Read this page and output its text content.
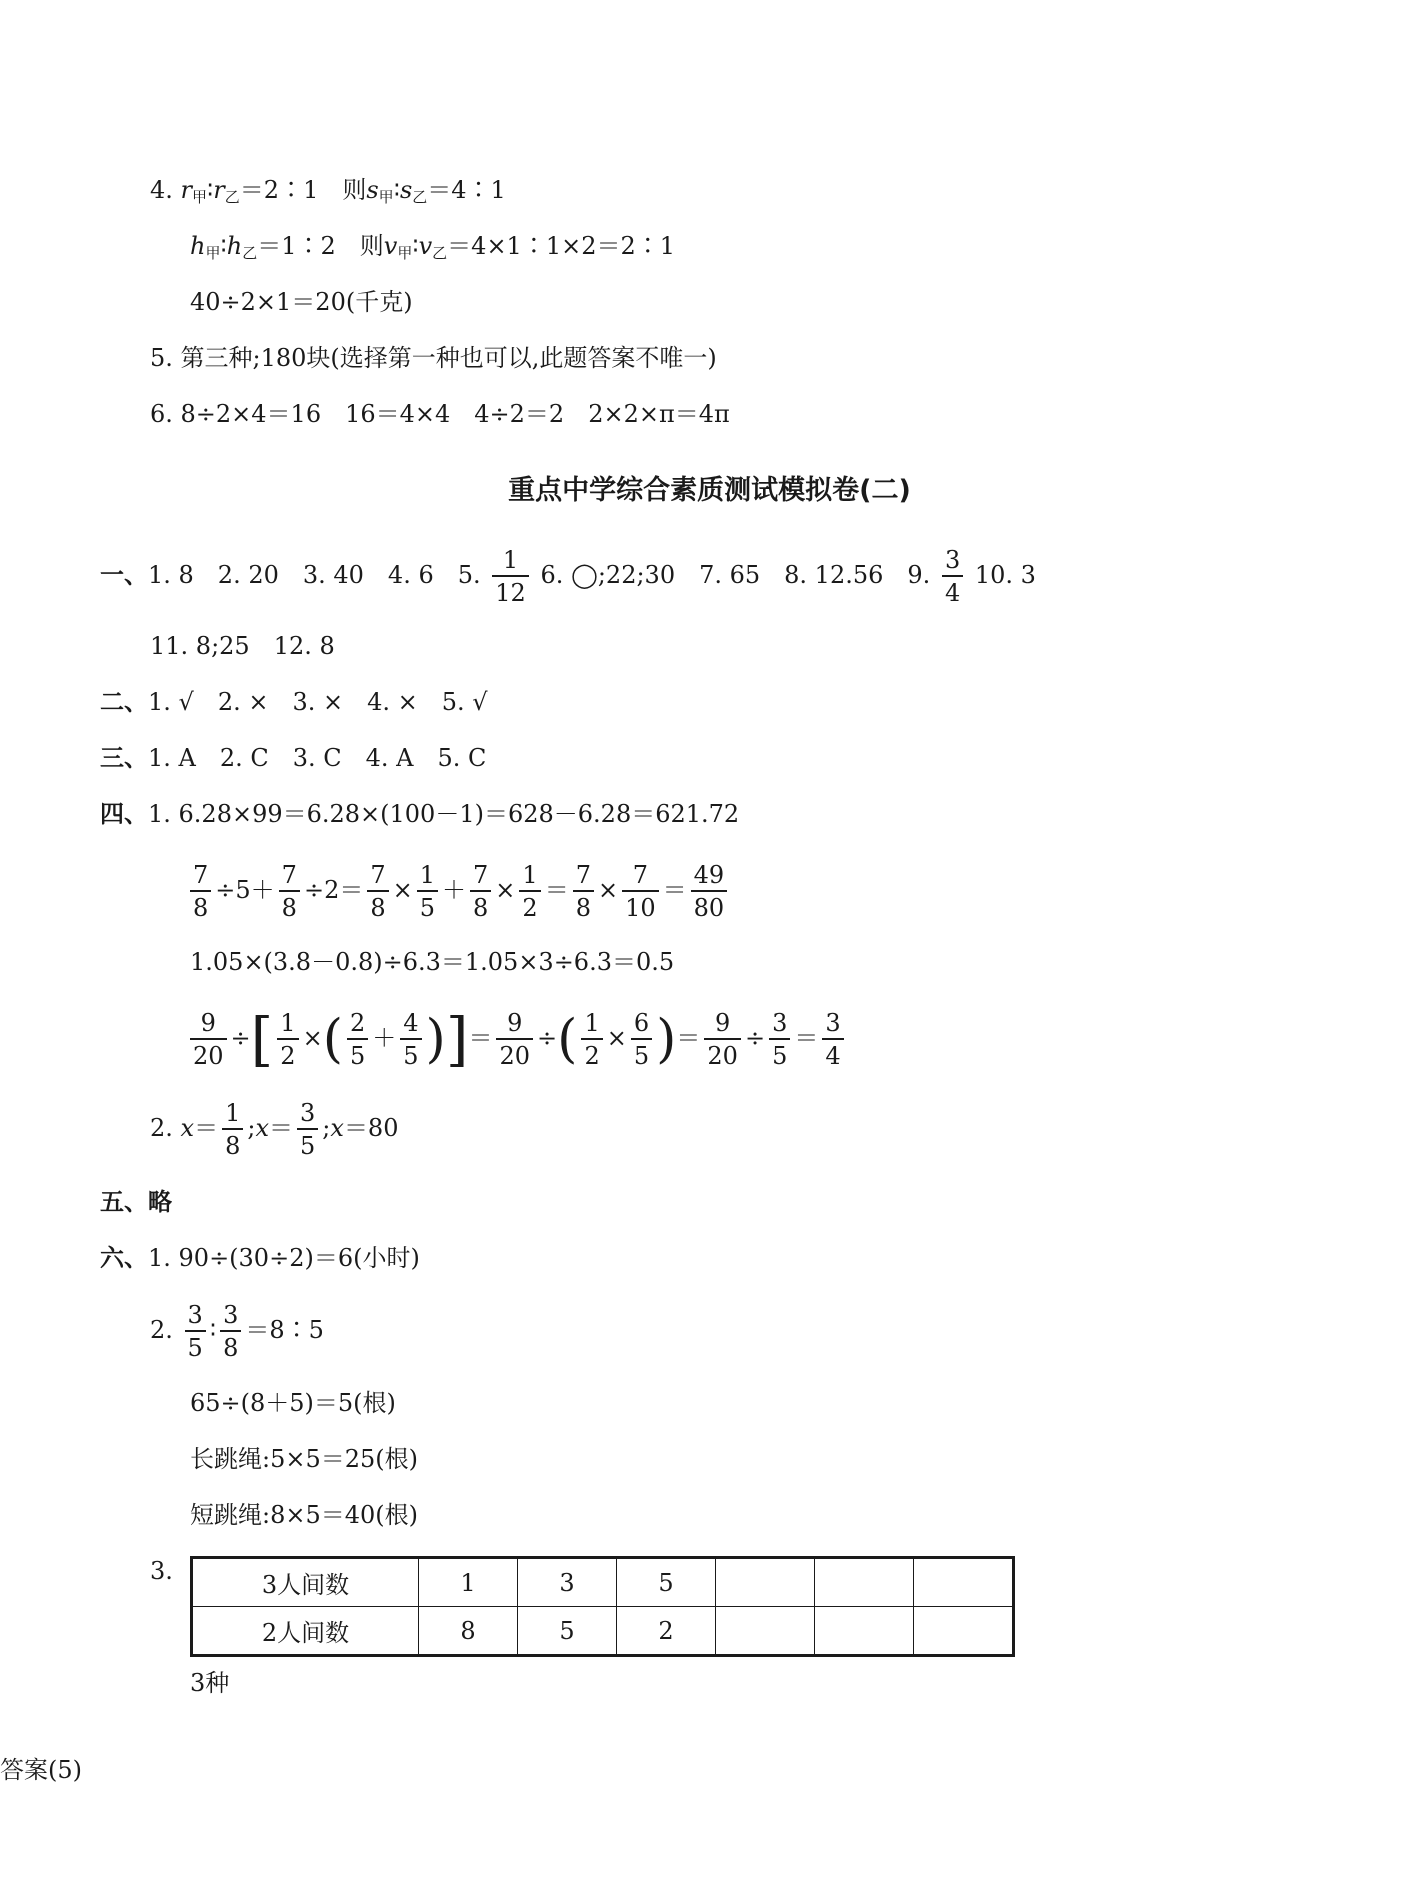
4. $r_甲∶r_乙=2∶1$　则$s_甲∶s_乙=4∶1$
$h_甲∶h_乙=1∶2$　则$v_甲∶v_乙=4\times 1∶1\times 2=2∶1$
40÷2×1＝20(千克)
5. 第三种;180块(选择第一种也可以,此题答案不唯一)
6. 8÷2×4＝16　16＝4×4　4÷2＝2　2×2×π＝4π
重点中学综合素质测试模拟卷(二)
一、1. 8　2. 20　3. 40　4. 6　5. $\frac{1}{12} 6$. ◯;22;30　7. 65　8. 12.56　9. $\frac{3}{4} 10$. 3
11. 8;25　12. 8
二、1. √　2. ×　3. ×　4. ×　5. √
三、1. A　2. C　3. C　4. A　5. C
四、1. 6.28×99＝6.28×(100－1)＝628－6.28＝621.72
$\frac{7}{8} \div 5+ \frac{7}{8} \div 2= \frac{7}{8} \times \frac{1}{5} + \frac{7}{8} \times \frac{1}{2} = \frac{7}{8} \times \frac{7}{10} = \frac{49}{80}$
1.05×(3.8－0.8)÷6.3＝1.05×3÷6.3＝0.5
$\frac{9}{20}$ ÷[ $\frac{1}{2}$ ×( $\frac{2}{5} + \frac{4}{5}$ )]＝ $\frac{9}{20}$ ÷( $\frac{1}{2} \times \frac{6}{5}$ )＝ $\frac{9}{20} \div \frac{3}{5} = \frac{3}{4}$
2. $x= \frac{1}{8}$ ;x＝ $\frac{3}{5}$ ;x＝80
五、略
六、1. 90÷(30÷2)＝6(小时)
2. $\frac{3}{5}$ ∶ $\frac{3}{8}$ ＝8∶5
65÷(8＋5)＝5(根)
长跳绳:5×5＝25(根)
短跳绳:8×5＝40(根)
3.	3人间数	1	3	5			
2人间数	8	5	2			
3种
答案(5)
